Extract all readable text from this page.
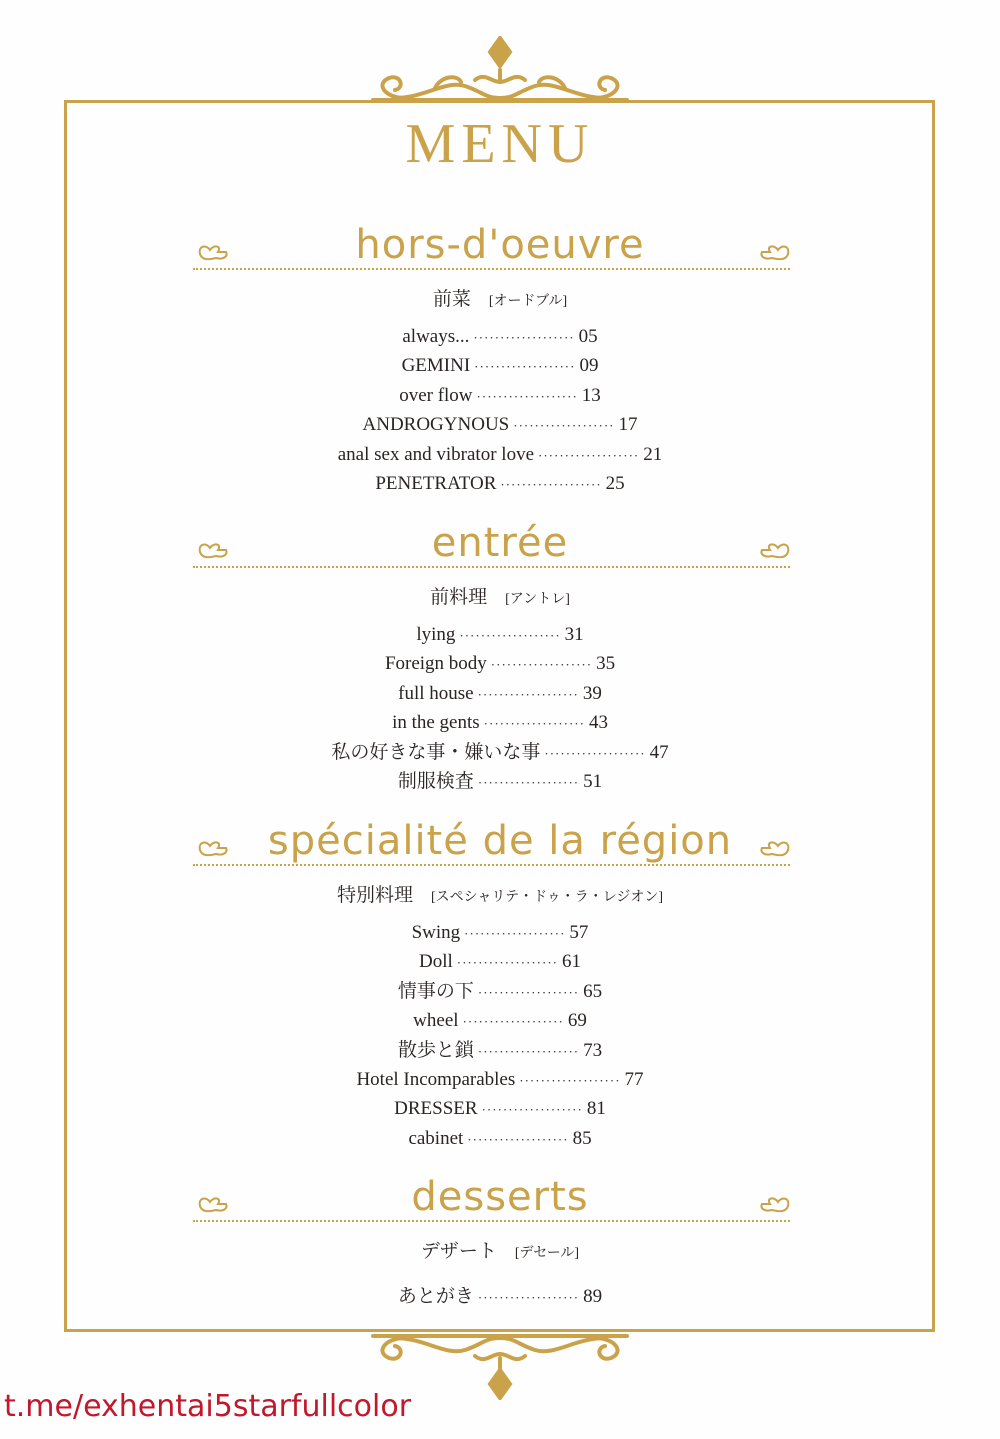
MENU
hors-d'oeuvre
前菜 [オードブル]
always... ··················· 05
GEMINI ··················· 09
over flow ··················· 13
ANDROGYNOUS ··················· 17
anal sex and vibrator love ··················· 21
PENETRATOR ··················· 25
entrée
前料理 [アントレ]
lying ··················· 31
Foreign body ··················· 35
full house ··················· 39
in the gents ··················· 43
私の好きな事・嫌いな事 ··················· 47
制服検査 ··················· 51
spécialité de la région
特別料理 [スペシャリテ・ドゥ・ラ・レジオン]
Swing ··················· 57
Doll ··················· 61
情事の下 ··················· 65
wheel ··················· 69
散歩と鎖 ··················· 73
Hotel Incomparables ··················· 77
DRESSER ··················· 81
cabinet ··················· 85
desserts
デザート [デセール]
あとがき ··················· 89
t.me/exhentai5starfullcolor
